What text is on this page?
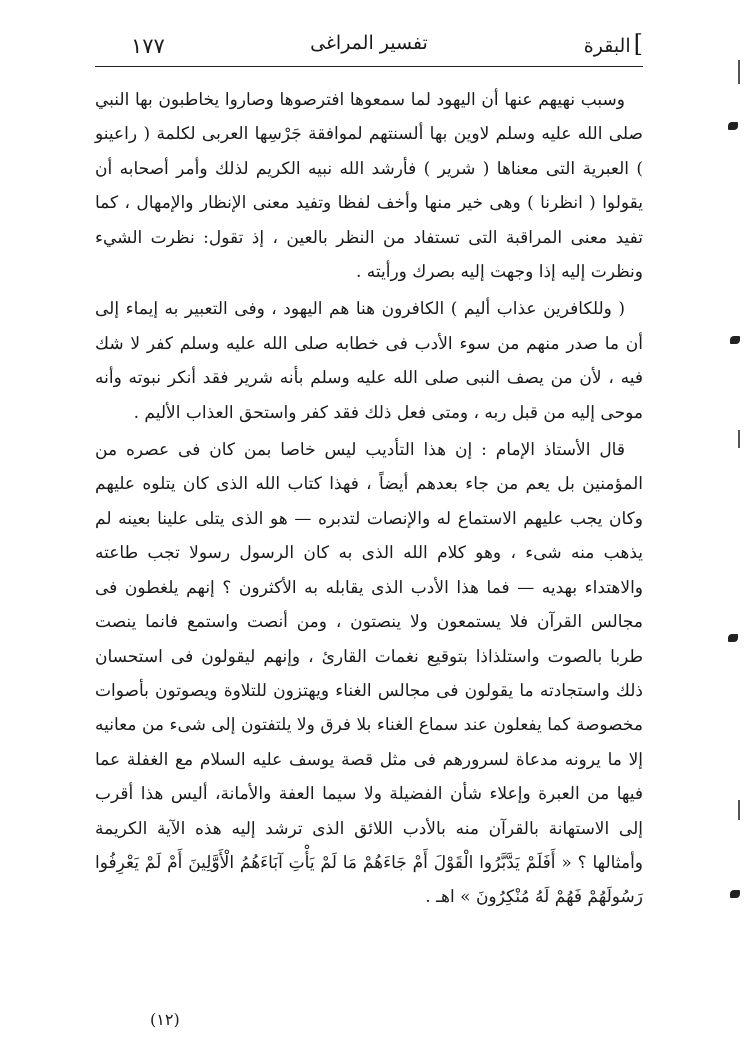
١٧٧	تفسير المراغى	]البقرة

وسبب نهيهم عنها أن اليهود لما سمعوها افترصوها وصاروا يخاطبون بها النبي صلى الله عليه وسلم لاوين بها ألسنتهم لموافقة جَرْسِها العربى لكلمة ( راعينو ) العبرية التى معناها ( شرير ) فأرشد الله نبيه الكريم لذلك وأمر أصحابه أن يقولوا ( انظرنا ) وهى خير منها وأخف لفظا وتفيد معنى الإنظار والإمهال ، كما تفيد معنى المراقبة التى تستفاد من النظر بالعين ، إذ تقول: نظرت الشيء ونظرت إليه إذا وجهت إليه بصرك ورأيته .

( وللكافرين عذاب أليم ) الكافرون هنا هم اليهود ، وفى التعبير به إيماء إلى أن ما صدر منهم من سوء الأدب فى خطابه صلى الله عليه وسلم كفر لا شك فيه ، لأن من يصف النبى صلى الله عليه وسلم بأنه شرير فقد أنكر نبوته وأنه موحى إليه من قبل ربه ، ومتى فعل ذلك فقد كفر واستحق العذاب الأليم .

قال الأستاذ الإمام : إن هذا التأديب ليس خاصا بمن كان فى عصره من المؤمنين بل يعم من جاء بعدهم أيضاً ، فهذا كتاب الله الذى كان يتلوه عليهم وكان يجب عليهم الاستماع له والإنصات لتدبره — هو الذى يتلى علينا بعينه لم يذهب منه شىء ، وهو كلام الله الذى به كان الرسول رسولا تجب طاعته والاهتداء بهديه — فما هذا الأدب الذى يقابله به الأكثرون ؟ إنهم يلغطون فى مجالس القرآن فلا يستمعون ولا ينصتون ، ومن أنصت واستمع فانما ينصت طربا بالصوت واستلذاذا بتوقيع نغمات القارئ ، وإنهم ليقولون فى استحسان ذلك واستجادته ما يقولون فى مجالس الغناء ويهتزون للتلاوة ويصوتون بأصوات مخصوصة كما يفعلون عند سماع الغناء بلا فرق ولا يلتفتون إلى شىء من معانيه إلا ما يرونه مدعاة لسرورهم فى مثل قصة يوسف عليه السلام مع الغفلة عما فيها من العبرة وإعلاء شأن الفضيلة ولا سيما العفة والأمانة، أليس هذا أقرب إلى الاستهانة بالقرآن منه بالأدب اللائق الذى ترشد إليه هذه الآية الكريمة وأمثالها ؟ « أَفَلَمْ يَدَّبَّرُوا الْقَوْلَ أَمْ جَاءَهُمْ مَا لَمْ يَأْتِ آبَاءَهُمُ الْأَوَّلِينَ أَمْ لَمْ يَعْرِفُوا رَسُولَهُمْ فَهُمْ لَهُ مُنْكِرُونَ » اهـ .

(١٢)
